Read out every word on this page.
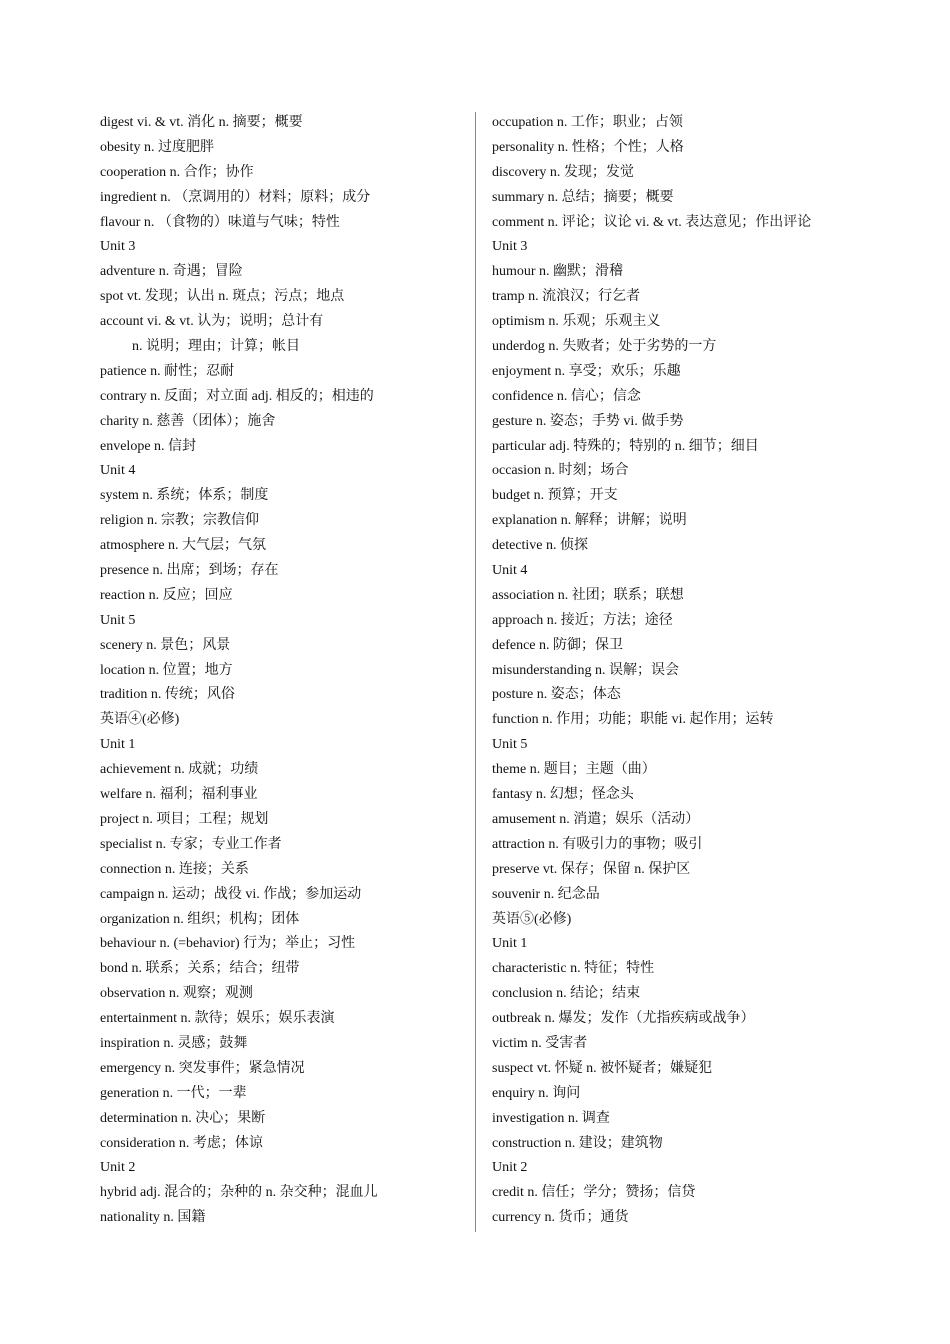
digest vi. & vt. 消化 n. 摘要；概要
obesity n. 过度肥胖
cooperation n. 合作；协作
ingredient n. （烹调用的）材料；原料；成分
flavour n. （食物的）味道与气味；特性
Unit 3
adventure n. 奇遇；冒险
spot vt. 发现；认出 n. 斑点；污点；地点
account vi. & vt. 认为；说明；总计有
n. 说明；理由；计算；帐目
patience n. 耐性；忍耐
contrary n. 反面；对立面 adj. 相反的；相违的
charity n. 慈善（团体）；施舍
envelope n. 信封
Unit 4
system n. 系统；体系；制度
religion n. 宗教；宗教信仰
atmosphere n. 大气层；气氛
presence n. 出席；到场；存在
reaction n. 反应；回应
Unit 5
scenery n. 景色；风景
location n. 位置；地方
tradition n. 传统；风俗
英语④(必修)
Unit 1
achievement n. 成就；功绩
welfare n. 福利；福利事业
project n. 项目；工程；规划
specialist n. 专家；专业工作者
connection n. 连接；关系
campaign n. 运动；战役 vi. 作战；参加运动
organization n. 组织；机构；团体
behaviour n. (=behavior) 行为；举止；习性
bond n. 联系；关系；结合；纽带
observation n. 观察；观测
entertainment n. 款待；娱乐；娱乐表演
inspiration n. 灵感；鼓舞
emergency n. 突发事件；紧急情况
generation n. 一代；一辈
determination n. 决心；果断
consideration n. 考虑；体谅
Unit 2
hybrid adj. 混合的；杂种的 n. 杂交种；混血儿
nationality n. 国籍
occupation n. 工作；职业；占领
personality n. 性格；个性；人格
discovery n. 发现；发觉
summary n. 总结；摘要；概要
comment n. 评论；议论 vi. & vt. 表达意见；作出评论
Unit 3
humour n. 幽默；滑稽
tramp n. 流浪汉；行乞者
optimism n. 乐观；乐观主义
underdog n. 失败者；处于劣势的一方
enjoyment n. 享受；欢乐；乐趣
confidence n. 信心；信念
gesture n. 姿态；手势 vi. 做手势
particular adj. 特殊的；特别的 n. 细节；细目
occasion n. 时刻；场合
budget n. 预算；开支
explanation n. 解释；讲解；说明
detective n. 侦探
Unit 4
association n. 社团；联系；联想
approach n. 接近；方法；途径
defence n. 防御；保卫
misunderstanding n. 误解；误会
posture n. 姿态；体态
function n. 作用；功能；职能 vi. 起作用；运转
Unit 5
theme n. 题目；主题（曲）
fantasy n. 幻想；怪念头
amusement n. 消遣；娱乐（活动）
attraction n. 有吸引力的事物；吸引
preserve vt. 保存；保留 n. 保护区
souvenir n. 纪念品
英语⑤(必修)
Unit 1
characteristic n. 特征；特性
conclusion n. 结论；结束
outbreak n. 爆发；发作（尤指疾病或战争）
victim n. 受害者
suspect vt. 怀疑 n. 被怀疑者；嫌疑犯
enquiry n. 询问
investigation n. 调查
construction n. 建设；建筑物
Unit 2
credit n. 信任；学分；赞扬；信贷
currency n. 货币；通货
